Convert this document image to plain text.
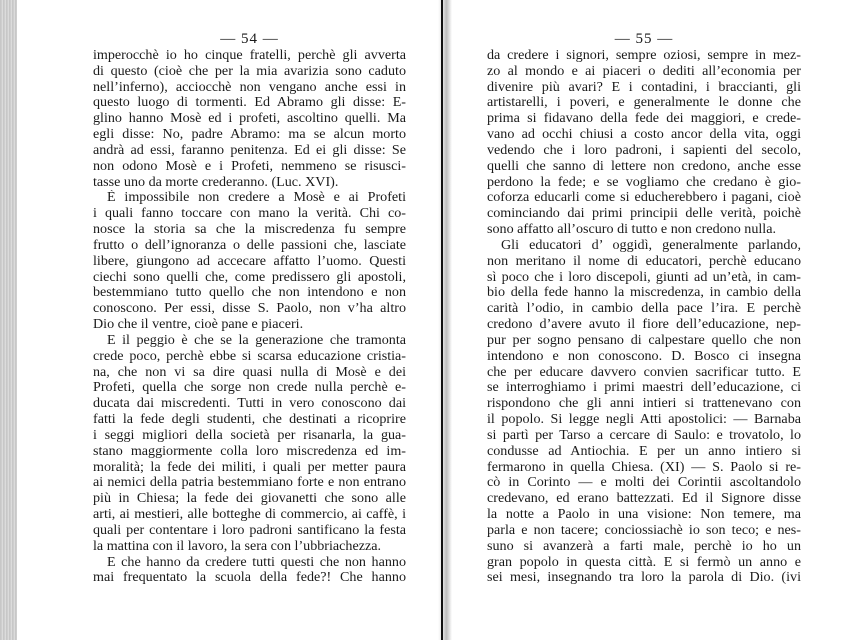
— 54 —
imperocchè io ho cinque fratelli, perchè gli avverta
di questo (cioè che per la mia avarizia sono caduto
nell’inferno), acciocchè non vengano anche essi in
questo luogo di tormenti. Ed Abramo gli disse: E-
glino hanno Mosè ed i profeti, ascoltino quelli. Ma
egli disse: No, padre Abramo: ma se alcun morto
andrà ad essi, faranno penitenza. Ed ei gli disse: Se
non odono Mosè e i Profeti, nemmeno se risusci-
tasse uno da morte crederanno. (Luc. XVI).
È impossibile non credere a Mosè e ai Profeti
i quali fanno toccare con mano la verità. Chi co-
nosce la storia sa che la miscredenza fu sempre
frutto o dell’ignoranza o delle passioni che, lasciate
libere, giungono ad accecare affatto l’uomo. Questi
ciechi sono quelli che, come predissero gli apostoli,
bestemmiano tutto quello che non intendono e non
conoscono. Per essi, disse S. Paolo, non v’ha altro
Dio che il ventre, cioè pane e piaceri.
E il peggio è che se la generazione che tramonta
crede poco, perchè ebbe si scarsa educazione cristia-
na, che non vi sa dire quasi nulla di Mosè e dei
Profeti, quella che sorge non crede nulla perchè e-
ducata dai miscredenti. Tutti in vero conoscono dai
fatti la fede degli studenti, che destinati a ricoprire
i seggi migliori della società per risanarla, la gua-
stano maggiormente colla loro miscredenza ed im-
moralità; la fede dei militi, i quali per metter paura
ai nemici della patria bestemmiano forte e non entrano
più in Chiesa; la fede dei giovanetti che sono alle
arti, ai mestieri, alle botteghe di commercio, ai caffè, i
quali per contentare i loro padroni santificano la festa
la mattina con il lavoro, la sera con l’ubbriachezza.
E che hanno da credere tutti questi che non hanno
mai frequentato la scuola della fede?! Che hanno
— 55 —
da credere i signori, sempre oziosi, sempre in mez-
zo al mondo e ai piaceri o dediti all’economia per
divenire più avari? E i contadini, i braccianti, gli
artistarelli, i poveri, e generalmente le donne che
prima si fidavano della fede dei maggiori, e crede-
vano ad occhi chiusi a costo ancor della vita, oggi
vedendo che i loro padroni, i sapienti del secolo,
quelli che sanno di lettere non credono, anche esse
perdono la fede; e se vogliamo che credano è gio-
coforza educarli come si educherebbero i pagani, cioè
cominciando dai primi principii delle verità, poichè
sono affatto all’oscuro di tutto e non credono nulla.
Gli educatori d’ oggidì, generalmente parlando,
non meritano il nome di educatori, perchè educano
sì poco che i loro discepoli, giunti ad un’età, in cam-
bio della fede hanno la miscredenza, in cambio della
carità l’odio, in cambio della pace l’ira. E perchè
credono d’avere avuto il fiore dell’educazione, nep-
pur per sogno pensano di calpestare quello che non
intendono e non conoscono. D. Bosco ci insegna
che per educare davvero convien sacrificar tutto. E
se interroghiamo i primi maestri dell’educazione, ci
rispondono che gli anni intieri si trattenevano con
il popolo. Si legge negli Atti apostolici: — Barnaba
si partì per Tarso a cercare di Saulo: e trovatolo, lo
condusse ad Antiochia. E per un anno intiero si
fermarono in quella Chiesa. (XI) — S. Paolo si re-
cò in Corinto — e molti dei Corintii ascoltandolo
credevano, ed erano battezzati. Ed il Signore disse
la notte a Paolo in una visione: Non temere, ma
parla e non tacere; conciossiachè io son teco; e nes-
suno si avanzerà a farti male, perchè io ho un
gran popolo in questa città. E si fermò un anno e
sei mesi, insegnando tra loro la parola di Dio. (ivi
